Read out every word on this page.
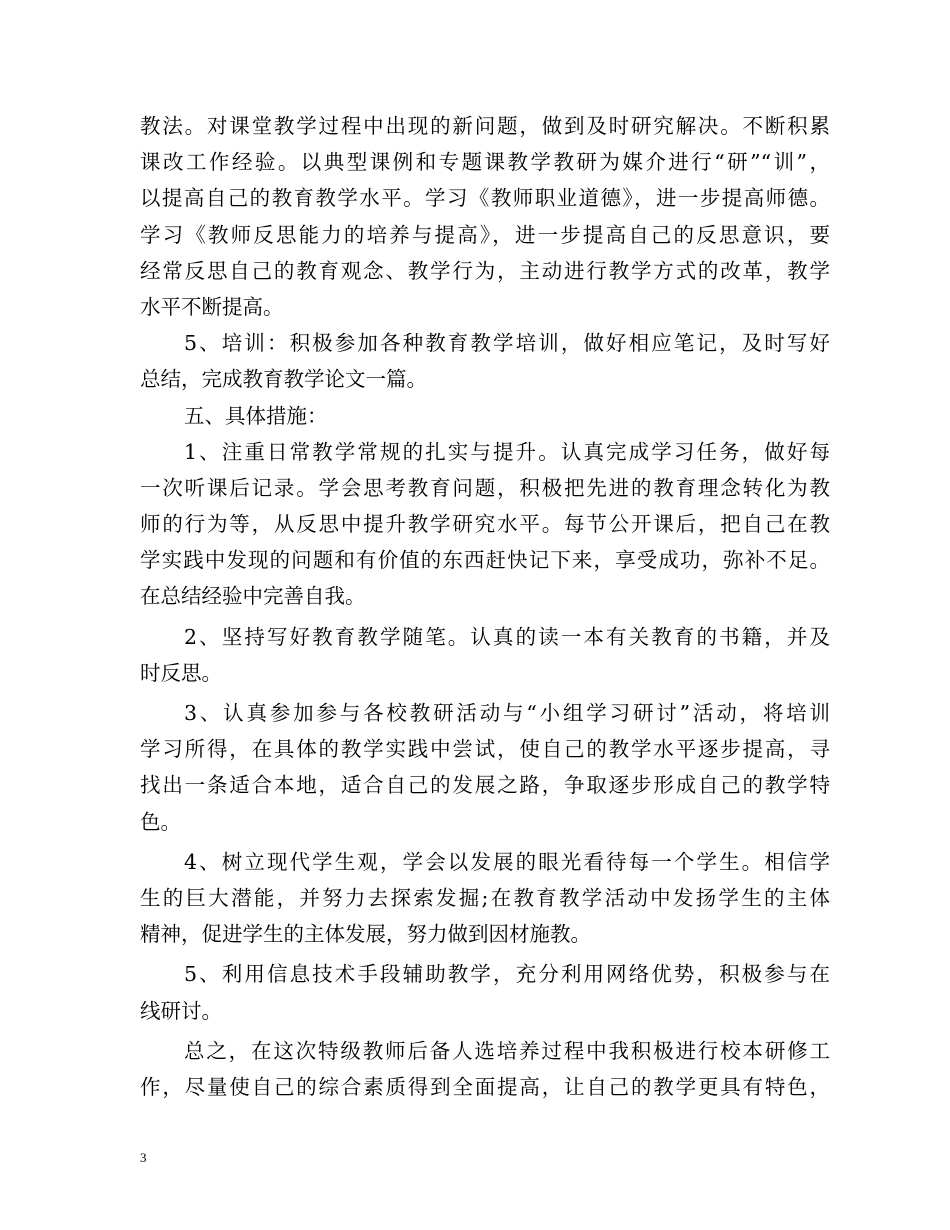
教法。对课堂教学过程中出现的新问题，做到及时研究解决。不断积累
课改工作经验。以典型课例和专题课教学教研为媒介进行“研”“训”，
以提高自己的教育教学水平。学习《教师职业道德》，进一步提高师德。
学习《教师反思能力的培养与提高》，进一步提高自己的反思意识，要
经常反思自己的教育观念、教学行为，主动进行教学方式的改革，教学
水平不断提高。
5、培训：积极参加各种教育教学培训，做好相应笔记，及时写好
总结，完成教育教学论文一篇。
五、具体措施：
1、注重日常教学常规的扎实与提升。认真完成学习任务，做好每
一次听课后记录。学会思考教育问题，积极把先进的教育理念转化为教
师的行为等，从反思中提升教学研究水平。每节公开课后，把自己在教
学实践中发现的问题和有价值的东西赶快记下来，享受成功，弥补不足。
在总结经验中完善自我。
2、坚持写好教育教学随笔。认真的读一本有关教育的书籍，并及
时反思。
3、认真参加参与各校教研活动与“小组学习研讨”活动，将培训
学习所得，在具体的教学实践中尝试，使自己的教学水平逐步提高，寻
找出一条适合本地，适合自己的发展之路，争取逐步形成自己的教学特
色。
4、树立现代学生观，学会以发展的眼光看待每一个学生。相信学
生的巨大潜能，并努力去探索发掘;在教育教学活动中发扬学生的主体
精神，促进学生的主体发展，努力做到因材施教。
5、利用信息技术手段辅助教学，充分利用网络优势，积极参与在
线研讨。
总之，在这次特级教师后备人选培养过程中我积极进行校本研修工
作，尽量使自己的综合素质得到全面提高，让自己的教学更具有特色，
3
